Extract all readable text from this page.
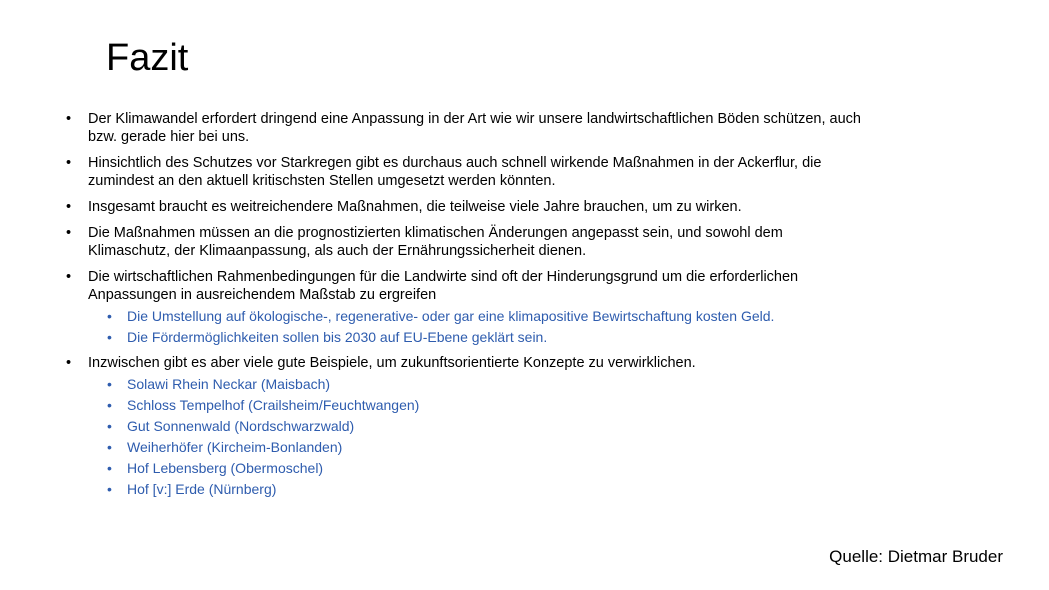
Fazit
• Der Klimawandel erfordert dringend eine Anpassung in der Art wie wir unsere landwirtschaftlichen Böden schützen, auch bzw. gerade hier bei uns.
• Hinsichtlich des Schutzes vor Starkregen gibt es durchaus auch schnell wirkende Maßnahmen in der Ackerflur, die zumindest an den aktuell kritischsten Stellen umgesetzt werden könnten.
• Insgesamt braucht es weitreichendere Maßnahmen, die teilweise viele Jahre brauchen, um zu wirken.
• Die Maßnahmen müssen an die prognostizierten klimatischen Änderungen angepasst sein, und sowohl dem Klimaschutz, der Klimaanpassung, als auch der Ernährungssicherheit dienen.
• Die wirtschaftlichen Rahmenbedingungen für die Landwirte sind oft der Hinderungsgrund um die erforderlichen Anpassungen in ausreichendem Maßstab zu ergreifen
• Die Umstellung auf ökologische-, regenerative- oder gar eine klimapositive Bewirtschaftung kosten Geld.
• Die Fördermöglichkeiten sollen bis 2030 auf EU-Ebene geklärt sein.
• Inzwischen gibt es aber viele gute Beispiele, um zukunftsorientierte Konzepte zu verwirklichen.
• Solawi Rhein Neckar (Maisbach)
• Schloss Tempelhof (Crailsheim/Feuchtwangen)
• Gut Sonnenwald (Nordschwarzwald)
• Weiherhöfer (Kircheim-Bonlanden)
• Hof Lebensberg (Obermoschel)
• Hof [v:] Erde (Nürnberg)
Quelle: Dietmar Bruder
